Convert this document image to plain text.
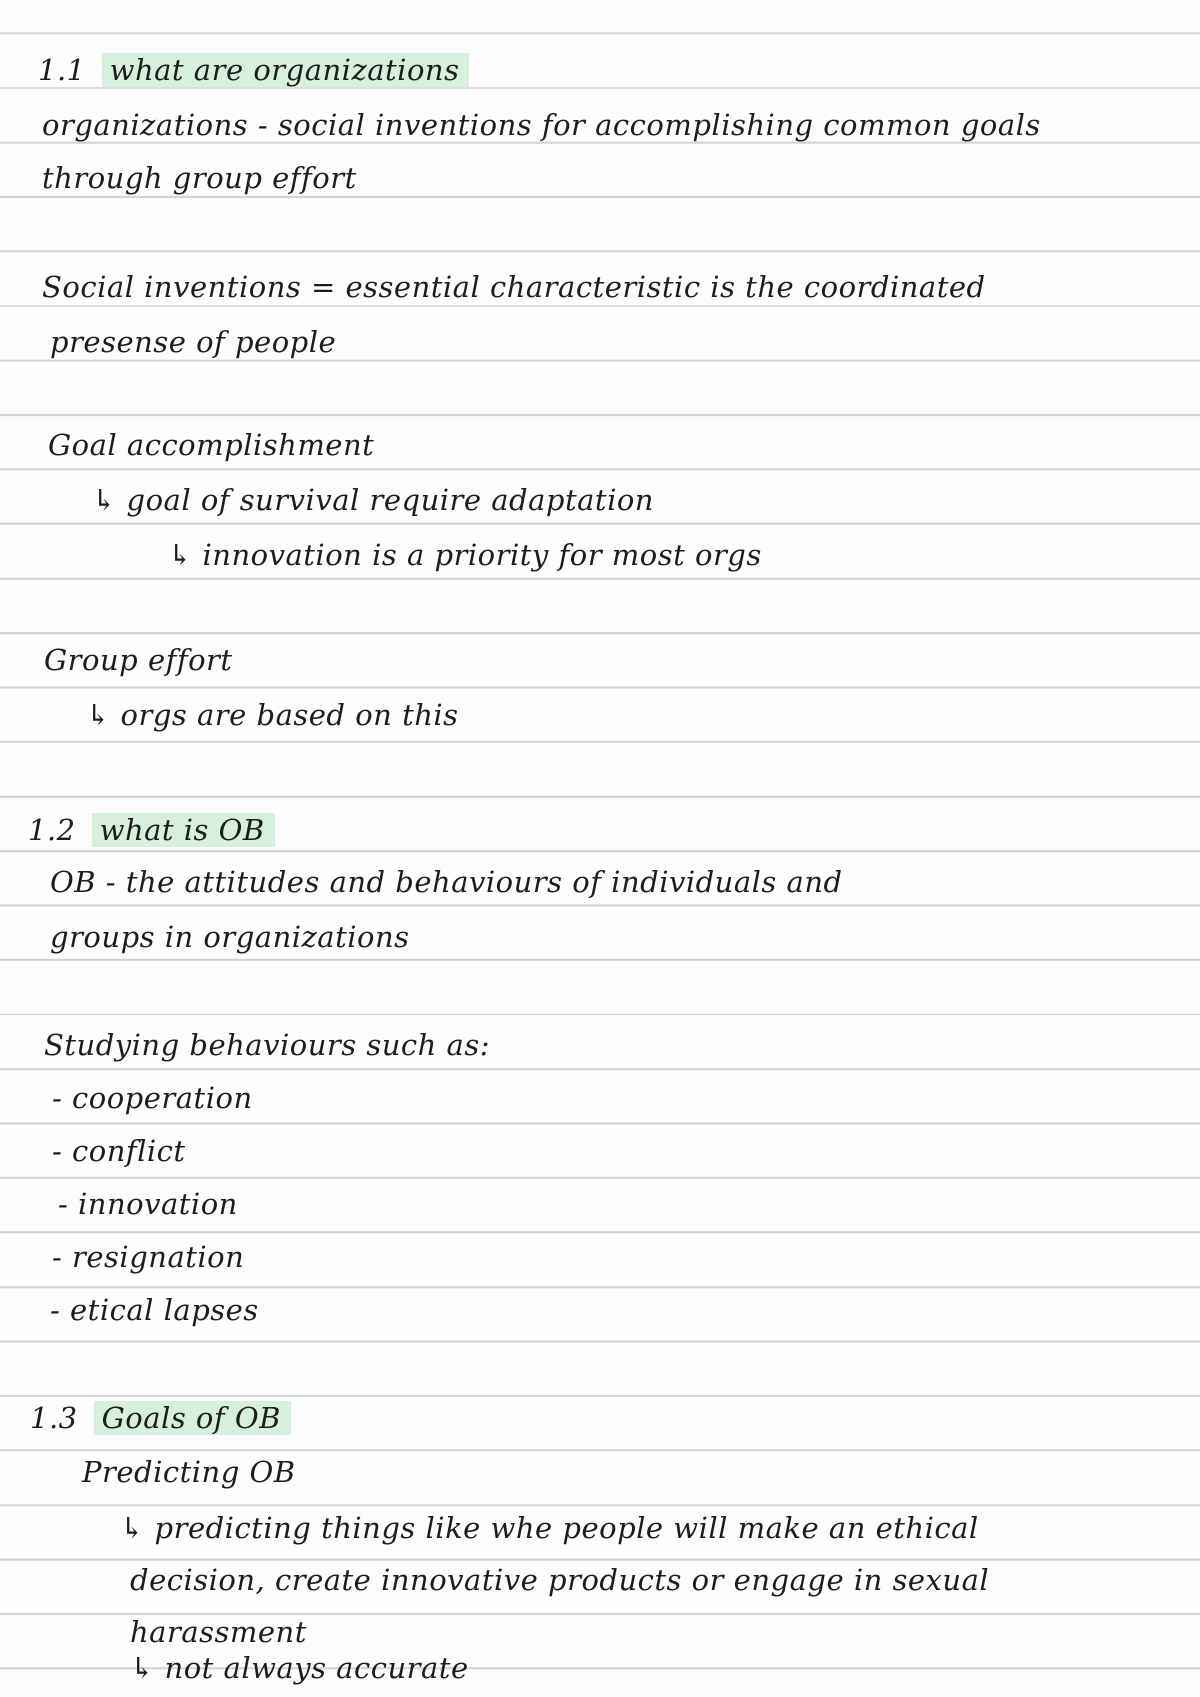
1.1 what are organizations
organizations - social inventions for accomplishing common goals
through group effort
Social inventions = essential characteristic is the coordinated
presense of people
Goal accomplishment
↳ goal of survival require adaptation
↳ innovation is a priority for most orgs
Group effort
↳ orgs are based on this
1.2 what is OB
OB - the attitudes and behaviours of individuals and
groups in organizations
Studying behaviours such as:
- cooperation
- conflict
- innovation
- resignation
- etical lapses
1.3 Goals of OB
Predicting OB
↳ predicting things like whe people will make an ethical
decision, create innovative products or engage in sexual
harassment
↳ not always accurate
